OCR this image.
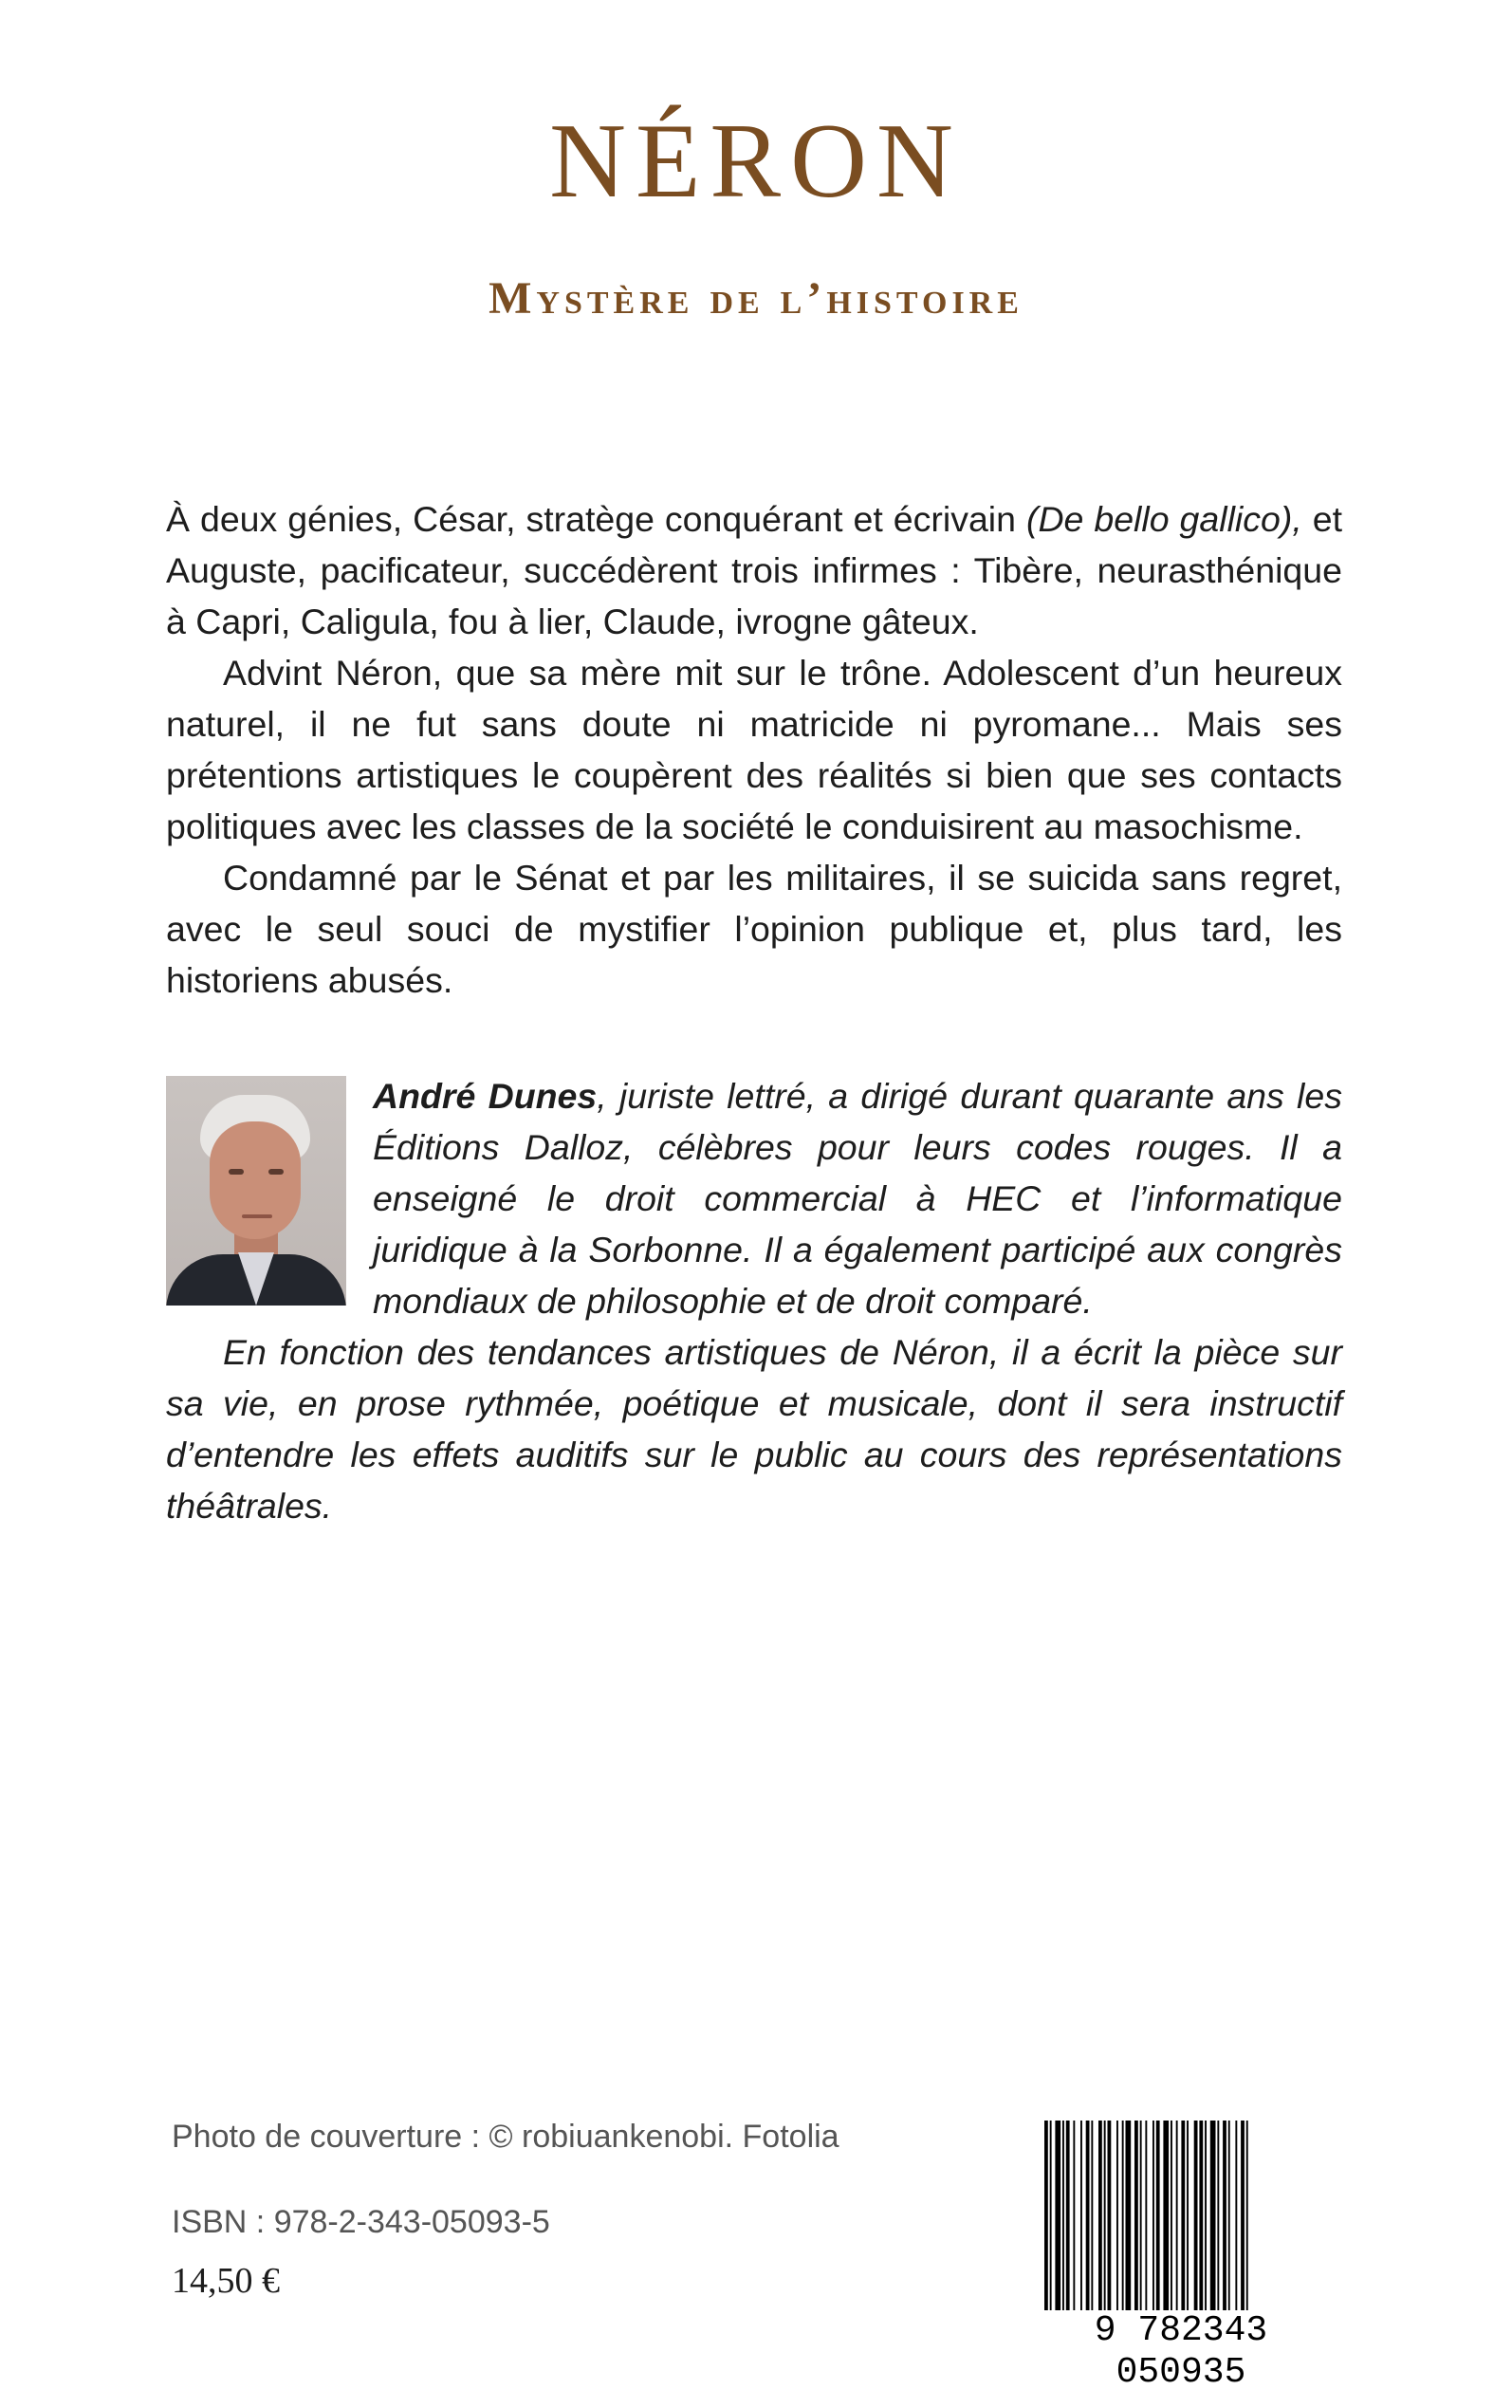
NÉRON
Mystère de l’histoire

À deux génies, César, stratège conquérant et écrivain (De bello gallico), et Auguste, pacificateur, succédèrent trois infirmes : Tibère, neurasthénique à Capri, Caligula, fou à lier, Claude, ivrogne gâteux.

Advint Néron, que sa mère mit sur le trône. Adolescent d’un heureux naturel, il ne fut sans doute ni matricide ni pyromane... Mais ses prétentions artistiques le coupèrent des réalités si bien que ses contacts politiques avec les classes de la société le conduisirent au masochisme.

Condamné par le Sénat et par les militaires, il se suicida sans regret, avec le seul souci de mystifier l’opinion publique et, plus tard, les historiens abusés.

André Dunes, juriste lettré, a dirigé durant quarante ans les Éditions Dalloz, célèbres pour leurs codes rouges. Il a enseigné le droit commercial à HEC et l’informatique juridique à la Sorbonne. Il a également participé aux congrès mondiaux de philosophie et de droit comparé.

En fonction des tendances artistiques de Néron, il a écrit la pièce sur sa vie, en prose rythmée, poétique et musicale, dont il sera instructif d’entendre les effets auditifs sur le public au cours des représentations théâtrales.

Photo de couverture : © robiuankenobi. Fotolia

ISBN : 978-2-343-05093-5

14,50 €

9 782343 050935
